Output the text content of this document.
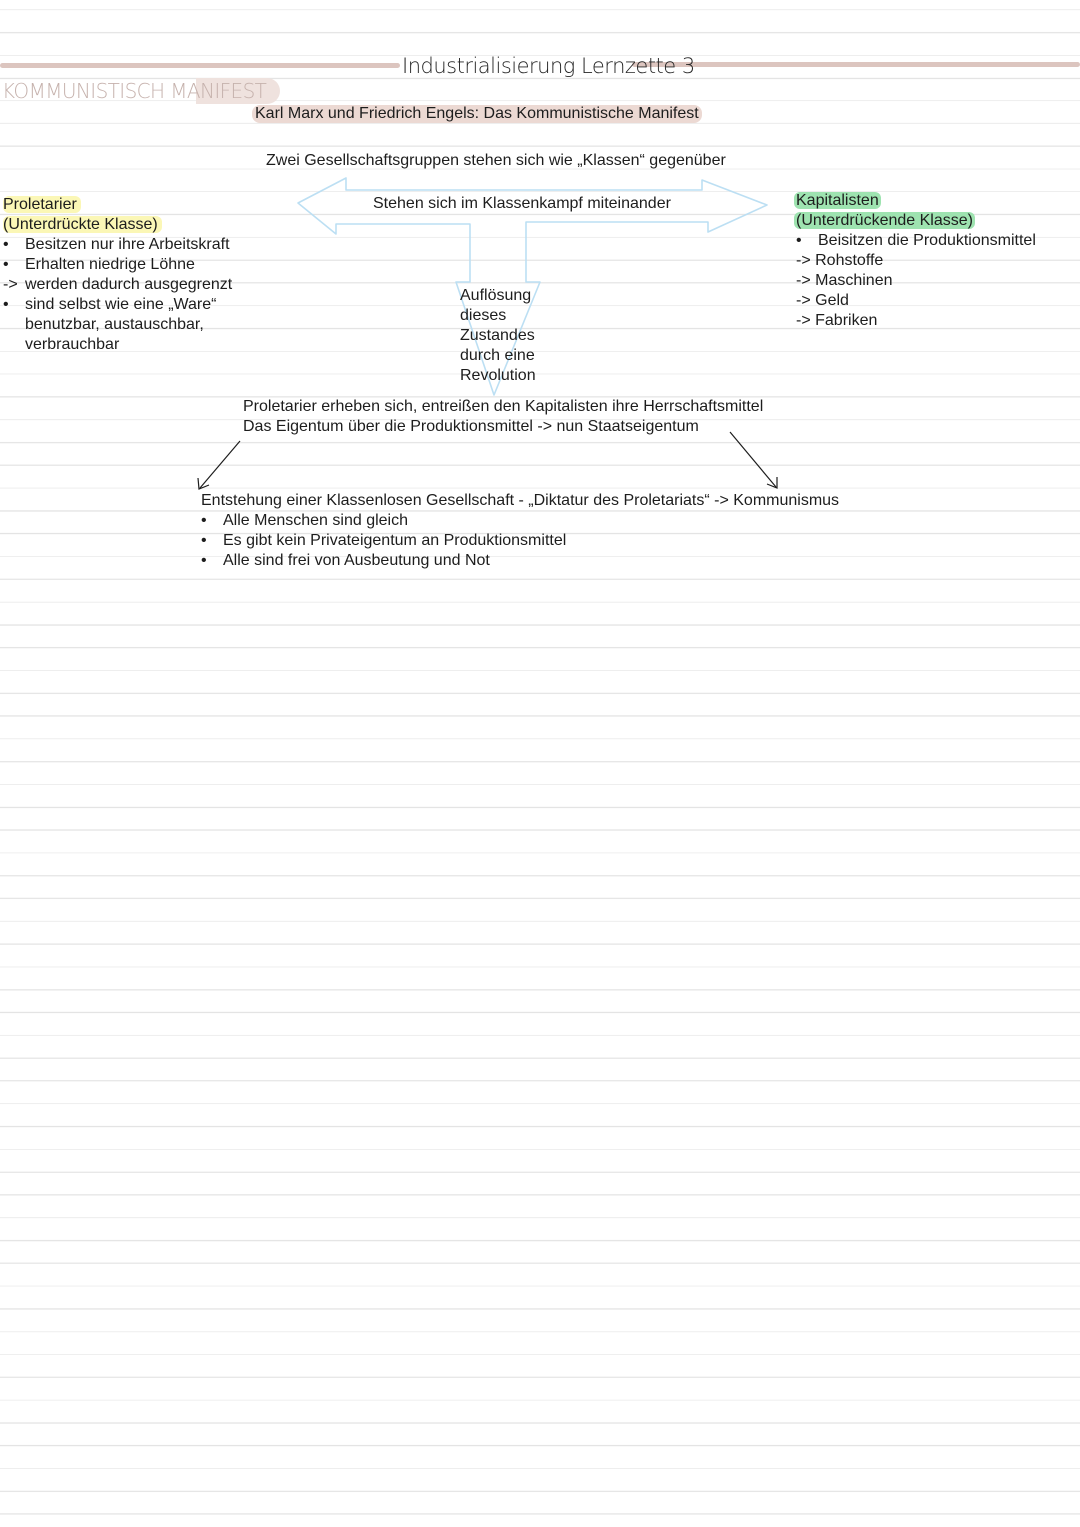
Industrialisierung Lernzette 3
KOMMUNISTISCH MANIFEST
Karl Marx und Friedrich Engels: Das Kommunistische Manifest
Zwei Gesellschaftsgruppen stehen sich wie „Klassen“ gegenüber
Stehen sich im Klassenkampf miteinander
Auflösung
dieses
Zustandes
durch eine
Revolution
Proletarier
(Unterdrückte Klasse)
• Besitzen nur ihre Arbeitskraft
• Erhalten niedrige Löhne
-> werden dadurch ausgegrenzt
• sind selbst wie eine „Ware“
benutzbar, austauschbar,
verbrauchbar
Kapitalisten
(Unterdrückende Klasse)
• Beisitzen die Produktionsmittel
-> Rohstoffe
-> Maschinen
-> Geld
-> Fabriken
Proletarier erheben sich, entreißen den Kapitalisten ihre Herrschaftsmittel
Das Eigentum über die Produktionsmittel -> nun Staatseigentum
Entstehung einer Klassenlosen Gesellschaft - „Diktatur des Proletariats“ -> Kommunismus
• Alle Menschen sind gleich
• Es gibt kein Privateigentum an Produktionsmittel
• Alle sind frei von Ausbeutung und Not
